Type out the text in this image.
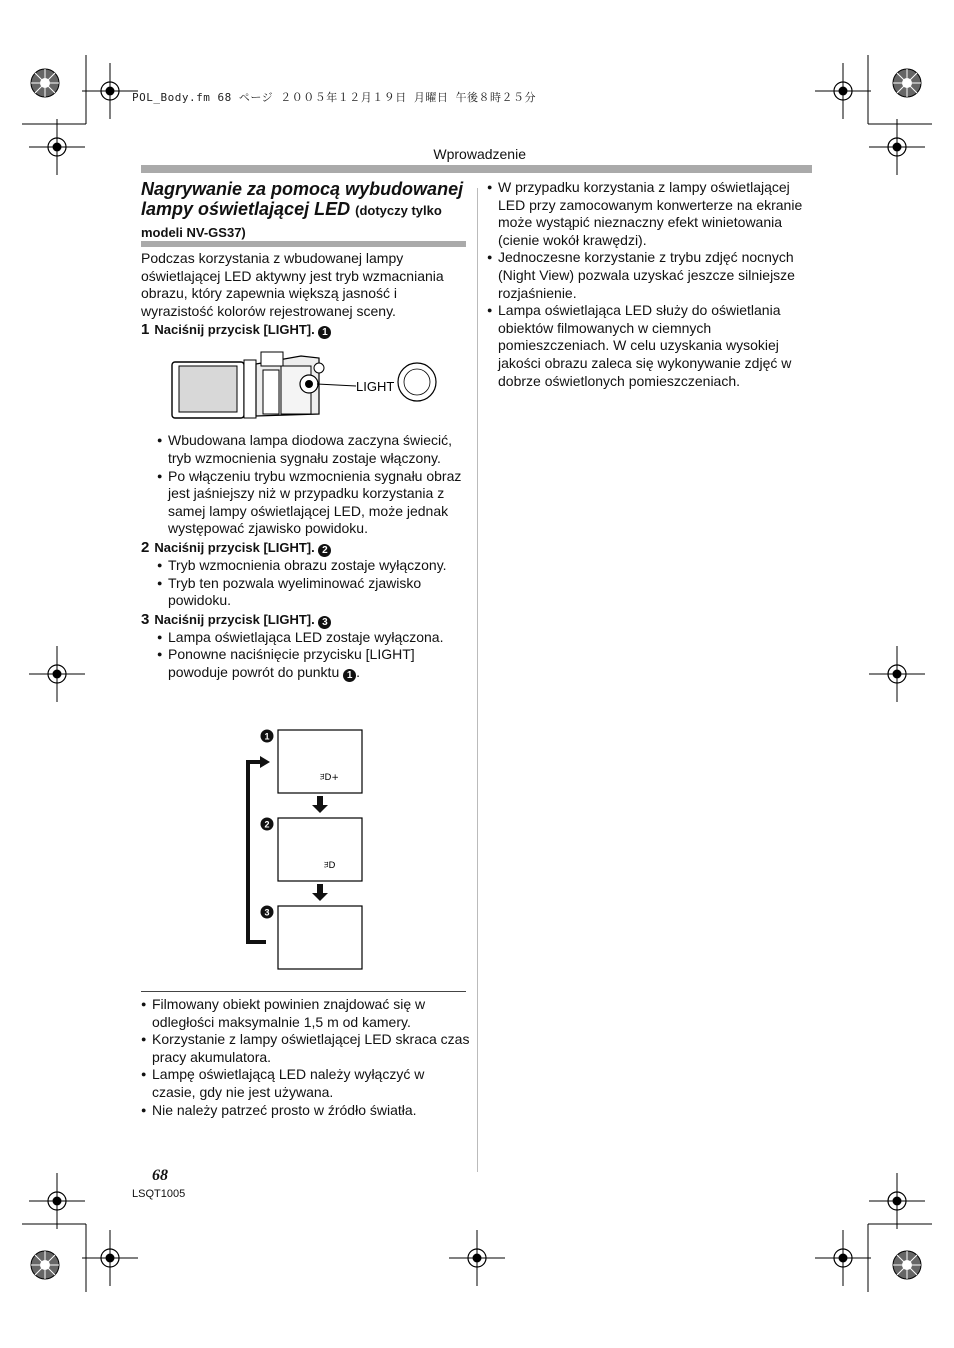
POL_Body.fm 68 ページ ２００５年１２月１９日 月曜日 午後８時２５分
Wprowadzenie
Nagrywanie za pomocą wybudowanej lampy oświetlającej LED (dotyczy tylko modeli NV-GS37)

Podczas korzystania z wbudowanej lampy oświetlającej LED aktywny jest tryb wzmacniania obrazu, który zapewnia większą jasność i wyrazistość kolorów rejestrowanej sceny.

1 Naciśnij przycisk [LIGHT]. 1

LIGHT

● Wbudowana lampa diodowa zaczyna świecić, tryb wzmocnienia sygnału zostaje włączony.

● Po włączeniu trybu wzmocnienia sygnału obraz jest jaśniejszy niż w przypadku korzystania z samej lampy oświetlającej LED, może jednak występować zjawisko powidoku.

2 Naciśnij przycisk [LIGHT]. 2

● Tryb wzmocnienia obrazu zostaje wyłączony.

● Tryb ten pozwala wyeliminować zjawisko powidoku.

3 Naciśnij przycisk [LIGHT]. 3

● Lampa oświetlająca LED zostaje wyłączona.

● Ponowne naciśnięcie przycisku [LIGHT] powoduje powrót do punktu 1 .

ﾖD+
1
ﾖD
2
3

● Filmowany obiekt powinien znajdować się w odległości maksymalnie 1,5 m od kamery.

● Korzystanie z lampy oświetlającej LED skraca czas pracy akumulatora.

● Lampę oświetlającą LED należy wyłączyć w czasie, gdy nie jest używana.

● Nie należy patrzeć prosto w źródło światła.

● W przypadku korzystania z lampy oświetlającej LED przy zamocowanym konwerterze na ekranie może wystąpić nieznaczny efekt winietowania (cienie wokół krawędzi).

● Jednoczesne korzystanie z trybu zdjęć nocnych (Night View) pozwala uzyskać jeszcze silniejsze rozjaśnienie.

● Lampa oświetlająca LED służy do oświetlania obiektów filmowanych w ciemnych pomieszczeniach. W celu uzyskania wysokiej jakości obrazu zaleca się wykonywanie zdjęć w dobrze oświetlonych pomieszczeniach.

68
LSQT1005
